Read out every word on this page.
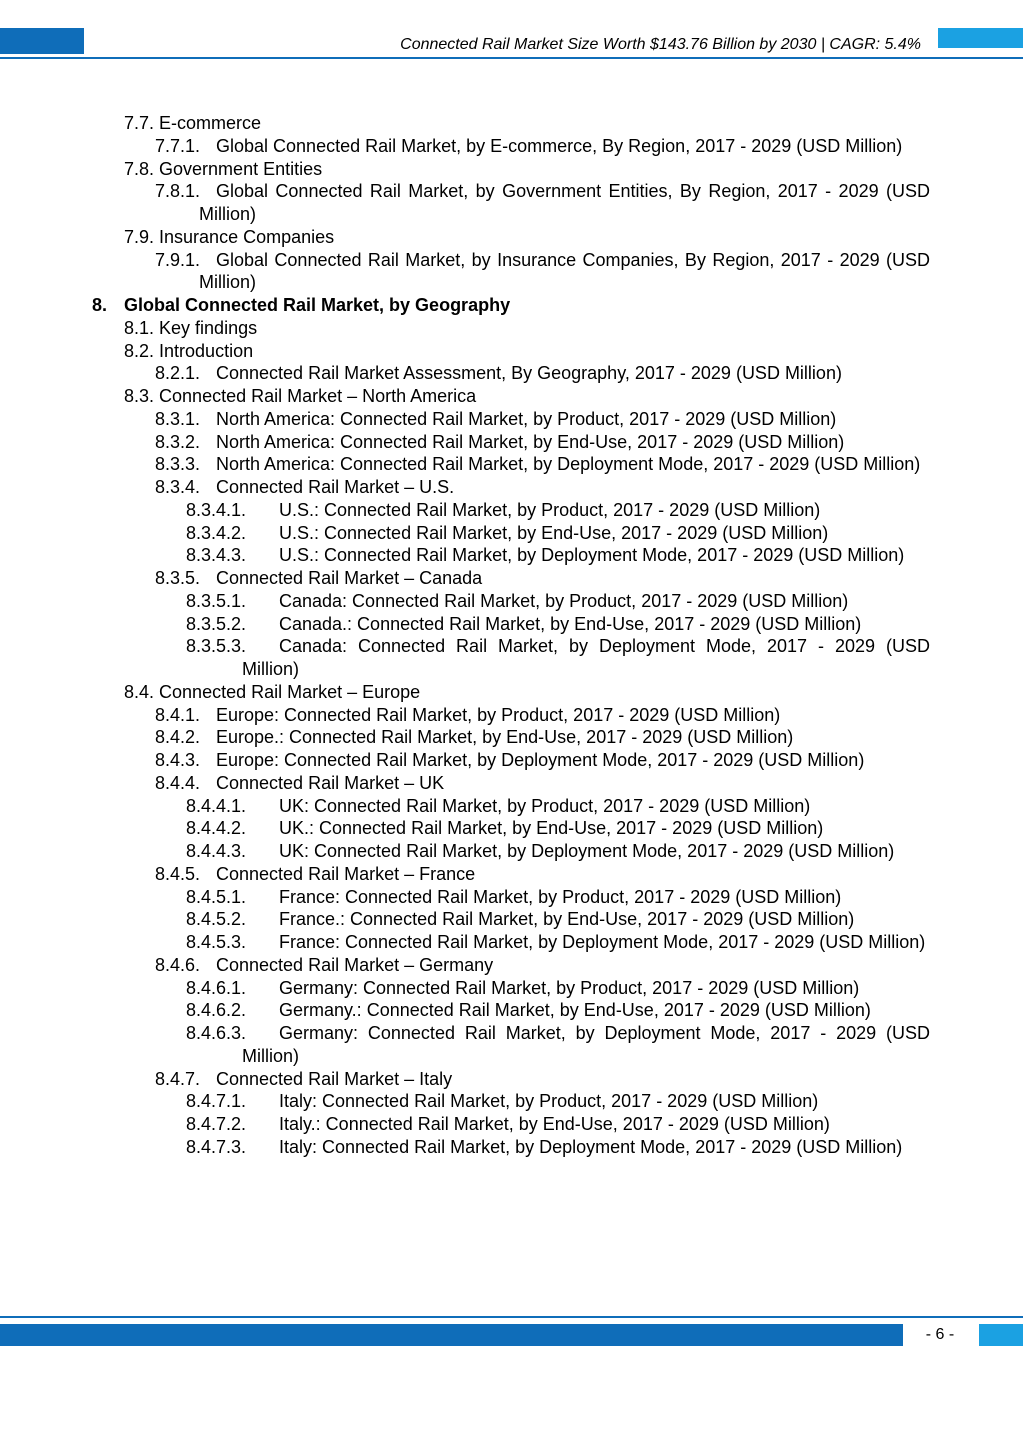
Connected Rail Market Size Worth $143.76 Billion by 2030 | CAGR: 5.4%
7.7. E-commerce
7.7.1. Global Connected Rail Market, by E-commerce, By Region, 2017 - 2029 (USD Million)
7.8. Government Entities
7.8.1. Global Connected Rail Market, by Government Entities, By Region, 2017 - 2029 (USD Million)
7.9. Insurance Companies
7.9.1. Global Connected Rail Market, by Insurance Companies, By Region, 2017 - 2029 (USD Million)
8. Global Connected Rail Market, by Geography
8.1. Key findings
8.2. Introduction
8.2.1. Connected Rail Market Assessment, By Geography, 2017 - 2029 (USD Million)
8.3. Connected Rail Market – North America
8.3.1. North America: Connected Rail Market, by Product, 2017 - 2029 (USD Million)
8.3.2. North America: Connected Rail Market, by End-Use, 2017 - 2029 (USD Million)
8.3.3. North America: Connected Rail Market, by Deployment Mode, 2017 - 2029 (USD Million)
8.3.4. Connected Rail Market – U.S.
8.3.4.1.	U.S.: Connected Rail Market, by Product, 2017 - 2029 (USD Million)
8.3.4.2.	U.S.: Connected Rail Market, by End-Use, 2017 - 2029 (USD Million)
8.3.4.3.	U.S.: Connected Rail Market, by Deployment Mode, 2017 - 2029 (USD Million)
8.3.5. Connected Rail Market – Canada
8.3.5.1.	Canada: Connected Rail Market, by Product, 2017 - 2029 (USD Million)
8.3.5.2.	Canada.: Connected Rail Market, by End-Use, 2017 - 2029 (USD Million)
8.3.5.3.	Canada: Connected Rail Market, by Deployment Mode, 2017 - 2029 (USD Million)
8.4. Connected Rail Market – Europe
8.4.1. Europe: Connected Rail Market, by Product, 2017 - 2029 (USD Million)
8.4.2. Europe.: Connected Rail Market, by End-Use, 2017 - 2029 (USD Million)
8.4.3. Europe: Connected Rail Market, by Deployment Mode, 2017 - 2029 (USD Million)
8.4.4. Connected Rail Market – UK
8.4.4.1.	UK: Connected Rail Market, by Product, 2017 - 2029 (USD Million)
8.4.4.2.	UK.: Connected Rail Market, by End-Use, 2017 - 2029 (USD Million)
8.4.4.3.	UK: Connected Rail Market, by Deployment Mode, 2017 - 2029 (USD Million)
8.4.5. Connected Rail Market – France
8.4.5.1.	France: Connected Rail Market, by Product, 2017 - 2029 (USD Million)
8.4.5.2.	France.: Connected Rail Market, by End-Use, 2017 - 2029 (USD Million)
8.4.5.3.	France: Connected Rail Market, by Deployment Mode, 2017 - 2029 (USD Million)
8.4.6. Connected Rail Market – Germany
8.4.6.1.	Germany: Connected Rail Market, by Product, 2017 - 2029 (USD Million)
8.4.6.2.	Germany.: Connected Rail Market, by End-Use, 2017 - 2029 (USD Million)
8.4.6.3.	Germany: Connected Rail Market, by Deployment Mode, 2017 - 2029 (USD Million)
8.4.7. Connected Rail Market – Italy
8.4.7.1.	Italy: Connected Rail Market, by Product, 2017 - 2029 (USD Million)
8.4.7.2.	Italy.: Connected Rail Market, by End-Use, 2017 - 2029 (USD Million)
8.4.7.3.	Italy: Connected Rail Market, by Deployment Mode, 2017 - 2029 (USD Million)
- 6 -
